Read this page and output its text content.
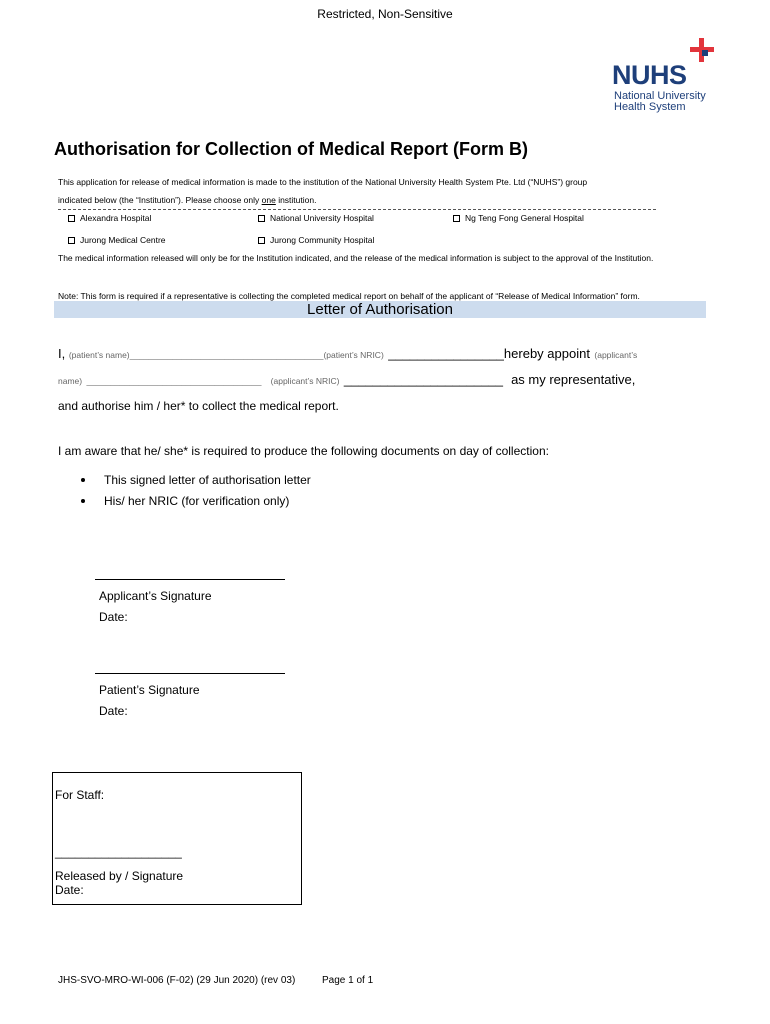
Restricted, Non-Sensitive
NUHS
National University
Health System
Authorisation for Collection of Medical Report (Form B)
This application for release of medical information is made to the institution of the National University Health System Pte. Ltd (“NUHS”) group
indicated below (the “Institution”). Please choose only one institution.
Alexandra Hospital	National University Hospital	Ng Teng Fong General Hospital
Jurong Medical Centre	Jurong Community Hospital
The medical information released will only be for the Institution indicated, and the release of the medical information is subject to the approval of the Institution.
Note: This form is required if a representative is collecting the completed medical report on behalf of the applicant of “Release of Medical Information” form.
Letter of Authorisation
I, (patient’s name)_________________________________________(patient’s NRIC) ________________hereby appoint (applicant’s
name) _____________________________________ (applicant’s NRIC) ______________________ as my representative,
and authorise him / her* to collect the medical report.
I am aware that he/ she* is required to produce the following documents on day of collection:
This signed letter of authorisation letter
His/ her NRIC (for verification only)
Applicant’s Signature
Date:
Patient’s Signature
Date:
For Staff:
___________________
Released by / Signature
Date:
JHS-SVO-MRO-WI-006 (F-02) (29 Jun 2020) (rev 03)	Page 1 of 1
